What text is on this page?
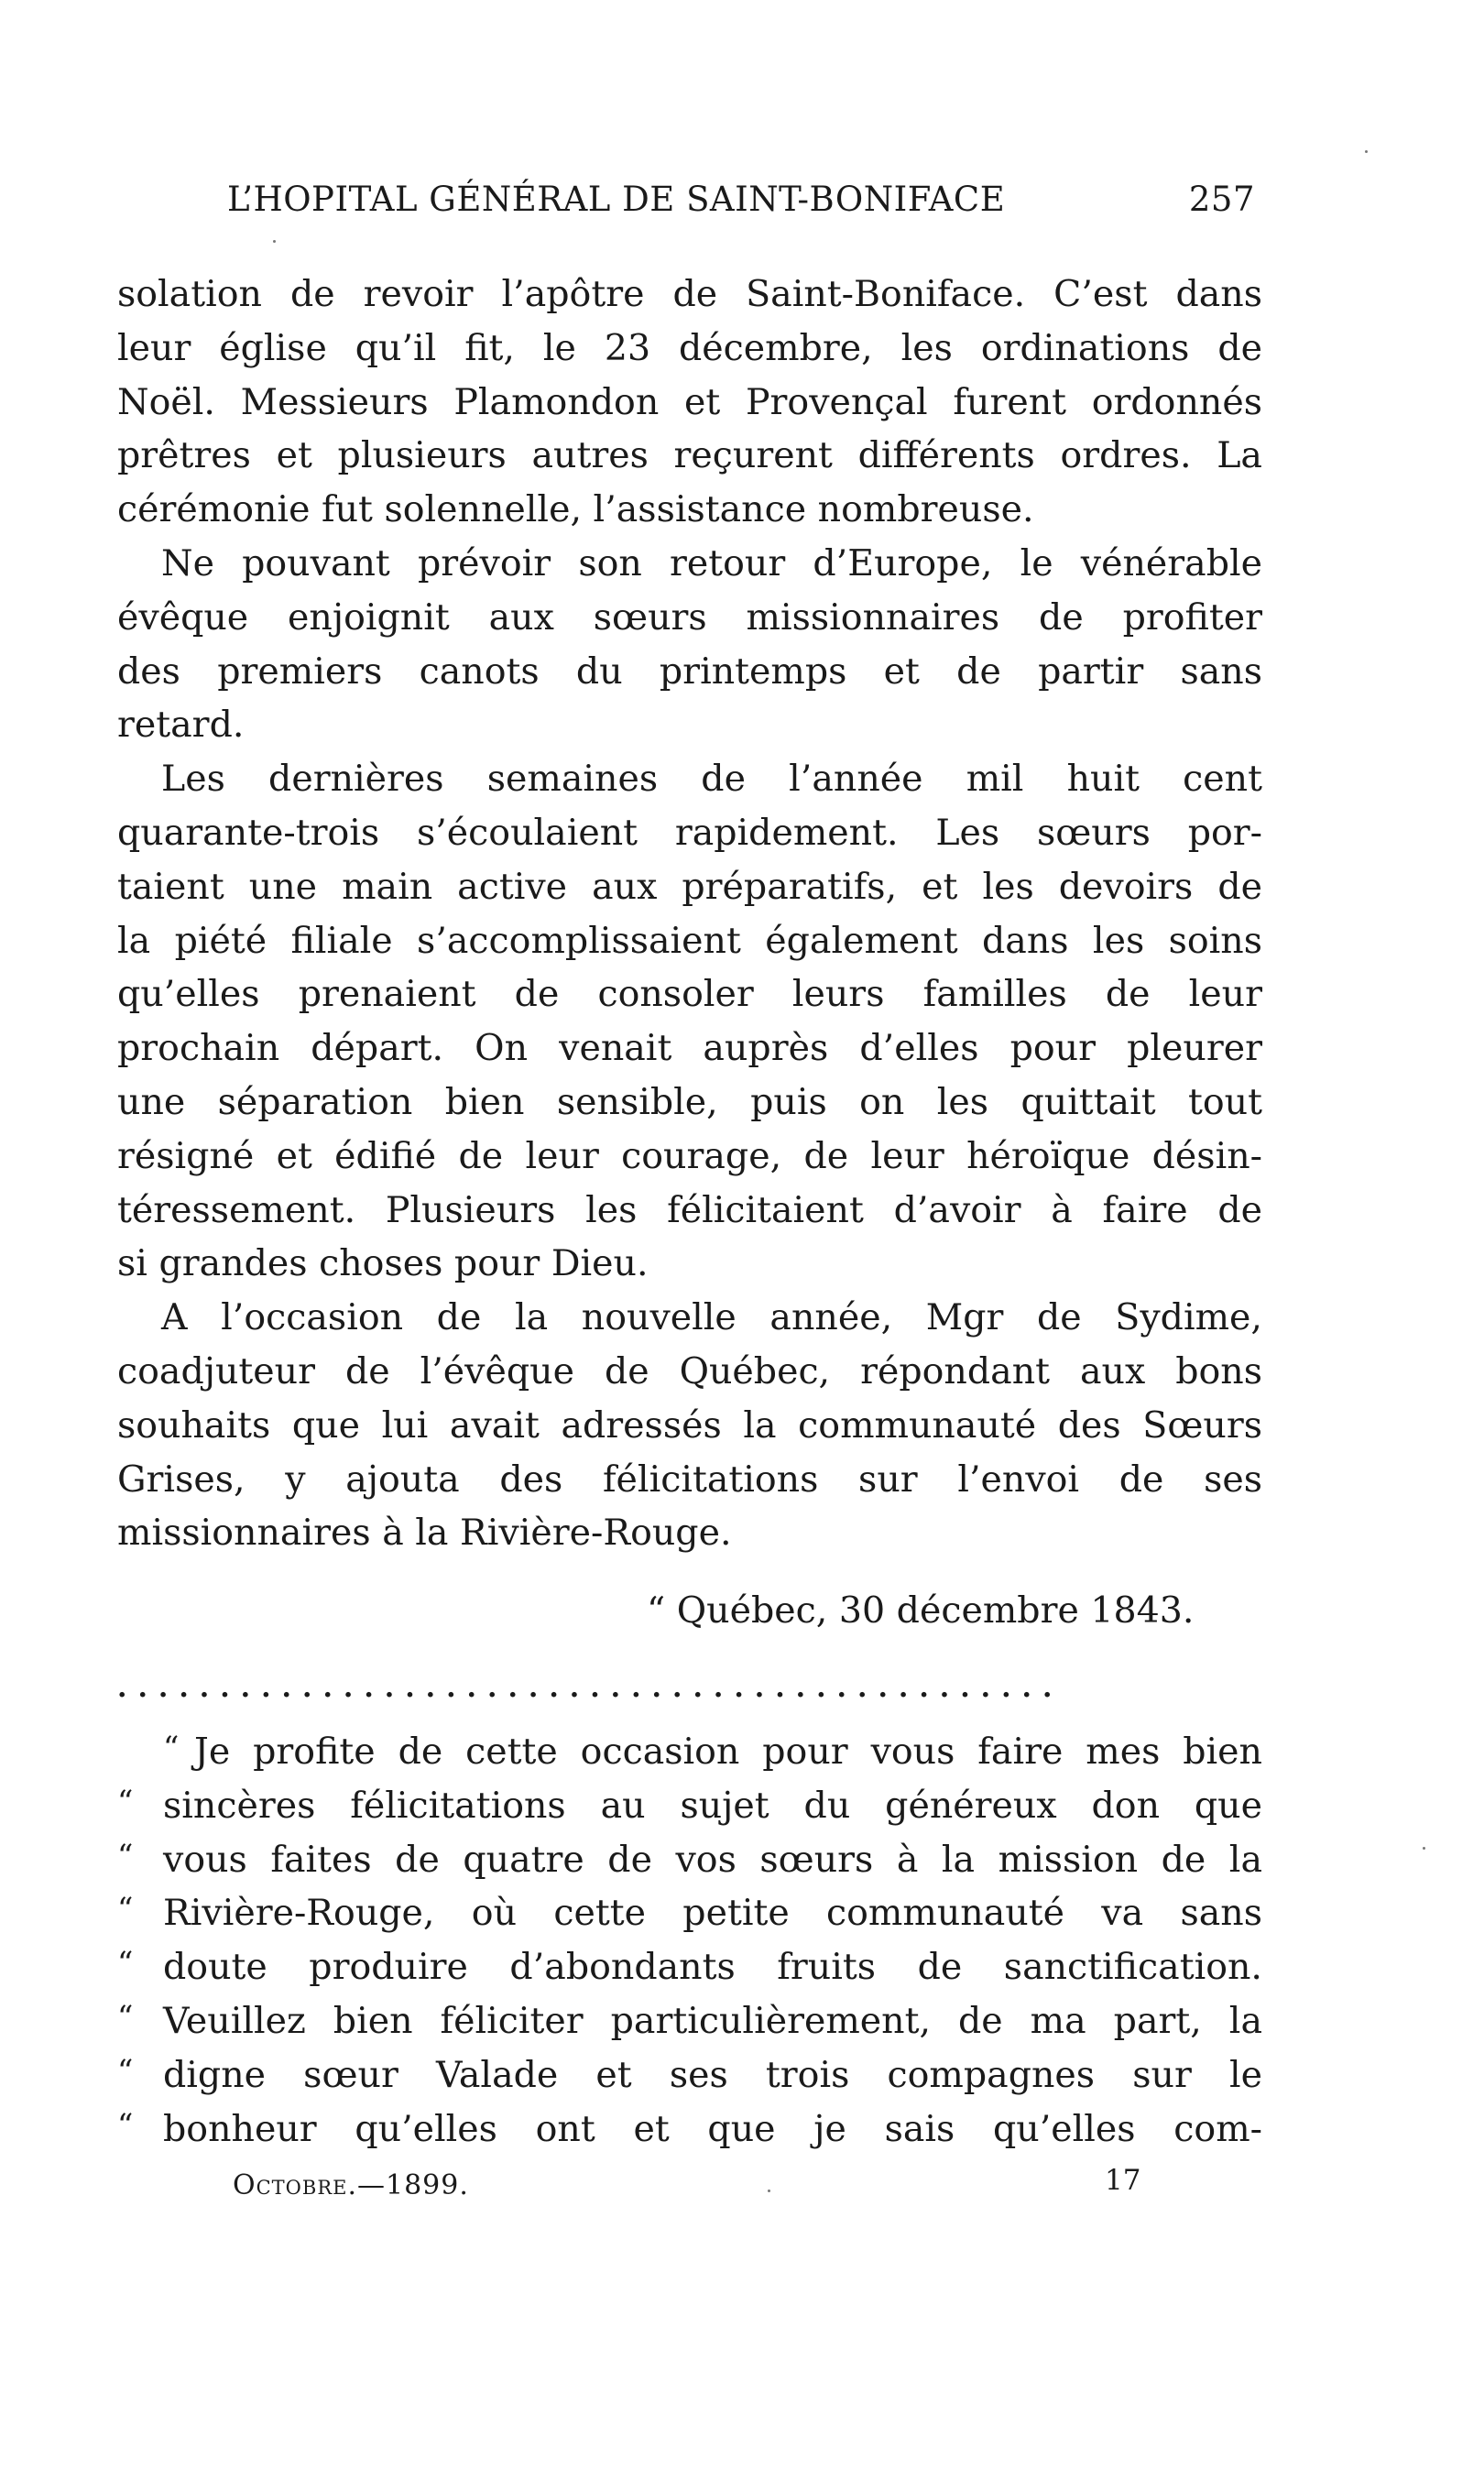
L’HOPITAL GÉNÉRAL DE SAINT-BONIFACE	257
solation de revoir l’apôtre de Saint-Boniface. C’est dans
leur église qu’il fit, le 23 décembre, les ordinations de
Noël. Messieurs Plamondon et Provençal furent ordonnés
prêtres et plusieurs autres reçurent différents ordres. La
cérémonie fut solennelle, l’assistance nombreuse.
Ne pouvant prévoir son retour d’Europe, le vénérable
évêque enjoignit aux sœurs missionnaires de profiter
des premiers canots du printemps et de partir sans
retard.
Les dernières semaines de l’année mil huit cent
quarante-trois s’écoulaient rapidement. Les sœurs por-
taient une main active aux préparatifs, et les devoirs de
la piété filiale s’accomplissaient également dans les soins
qu’elles prenaient de consoler leurs familles de leur
prochain départ. On venait auprès d’elles pour pleurer
une séparation bien sensible, puis on les quittait tout
résigné et édifié de leur courage, de leur héroïque désin-
téressement. Plusieurs les félicitaient d’avoir à faire de
si grandes choses pour Dieu.
A l’occasion de la nouvelle année, Mgr de Sydime,
coadjuteur de l’évêque de Québec, répondant aux bons
souhaits que lui avait adressés la communauté des Sœurs
Grises, y ajouta des félicitations sur l’envoi de ses
missionnaires à la Rivière-Rouge.
“ Québec, 30 décembre 1843.
..............................................
“ Je profite de cette occasion pour vous faire mes bien
“ sincères félicitations au sujet du généreux don que
“ vous faites de quatre de vos sœurs à la mission de la
“ Rivière-Rouge, où cette petite communauté va sans
“ doute produire d’abondants fruits de sanctification.
“ Veuillez bien féliciter particulièrement, de ma part, la
“ digne sœur Valade et ses trois compagnes sur le
“ bonheur qu’elles ont et que je sais qu’elles com-
Octobre.—1899.	17
